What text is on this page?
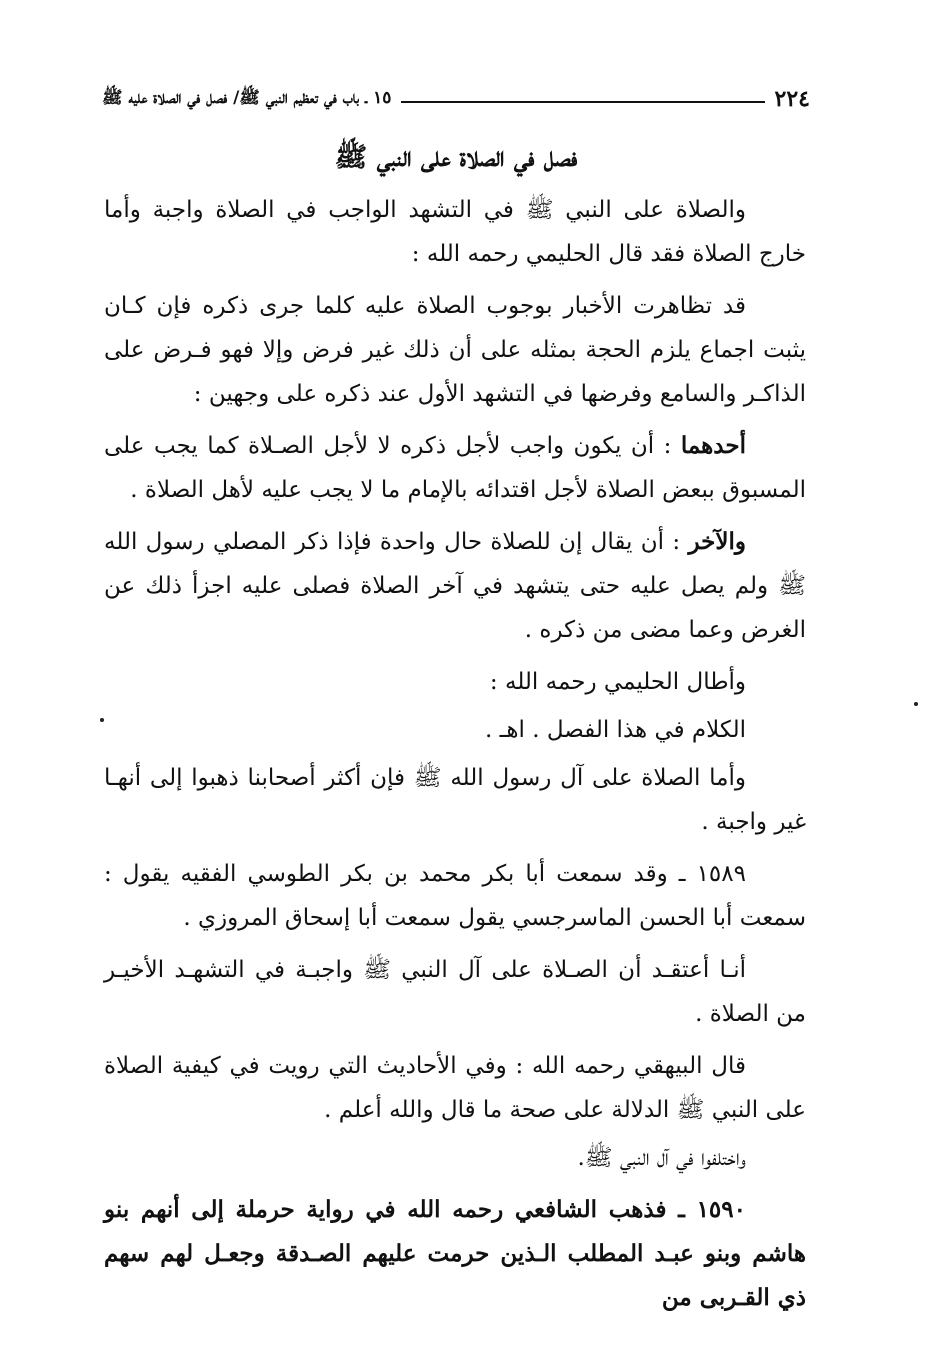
٢٢٤
١٥ ـ باب في تعظيم النبي ﷺ/ فصل في الصلاة عليه ﷺ
فصل في الصلاة على النبي ﷺ

والصلاة على النبي ﷺ في التشهد الواجب في الصلاة واجبة وأما خارج الصلاة فقد قال الحليمي رحمه الله :

قد تظاهرت الأخبار بوجوب الصلاة عليه كلما جرى ذكره فإن كـان يثبت اجماع يلزم الحجة بمثله على أن ذلك غير فرض وإلا فهو فـرض على الذاكـر والسامع وفرضها في التشهد الأول عند ذكره على وجهين :

أحدهما : أن يكون واجب لأجل ذكره لا لأجل الصـلاة كما يجب على المسبوق ببعض الصلاة لأجل اقتدائه بالإمام ما لا يجب عليه لأهل الصلاة .

والآخر : أن يقال إن للصلاة حال واحدة فإذا ذكر المصلي رسول الله ﷺ ولم يصل عليه حتى يتشهد في آخر الصلاة فصلى عليه اجزأ ذلك عن الغرض وعما مضى من ذكره .

وأطال الحليمي رحمه الله :

الكلام في هذا الفصل . اهـ .

وأما الصلاة على آل رسول الله ﷺ فإن أكثر أصحابنا ذهبوا إلى أنهـا غير واجبة .

١٥٨٩ ـ وقد سمعت أبا بكر محمد بن بكر الطوسي الفقيه يقول : سمعت أبا الحسن الماسرجسي يقول سمعت أبا إسحاق المروزي .

أنـا أعتقـد أن الصـلاة على آل النبي ﷺ واجبـة في التشهـد الأخيـر من الصلاة .

قال البيهقي رحمه الله : وفي الأحاديث التي رويت في كيفية الصلاة على النبي ﷺ الدلالة على صحة ما قال والله أعلم .

واختلفوا في آل النبي ﷺ.

١٥٩٠ ـ فذهب الشافعي رحمه الله في رواية حرملة إلى أنهم بنو هاشم وبنو عبـد المطلب الـذين حرمت عليهم الصـدقة وجعـل لهم سهم ذي القـربى من
